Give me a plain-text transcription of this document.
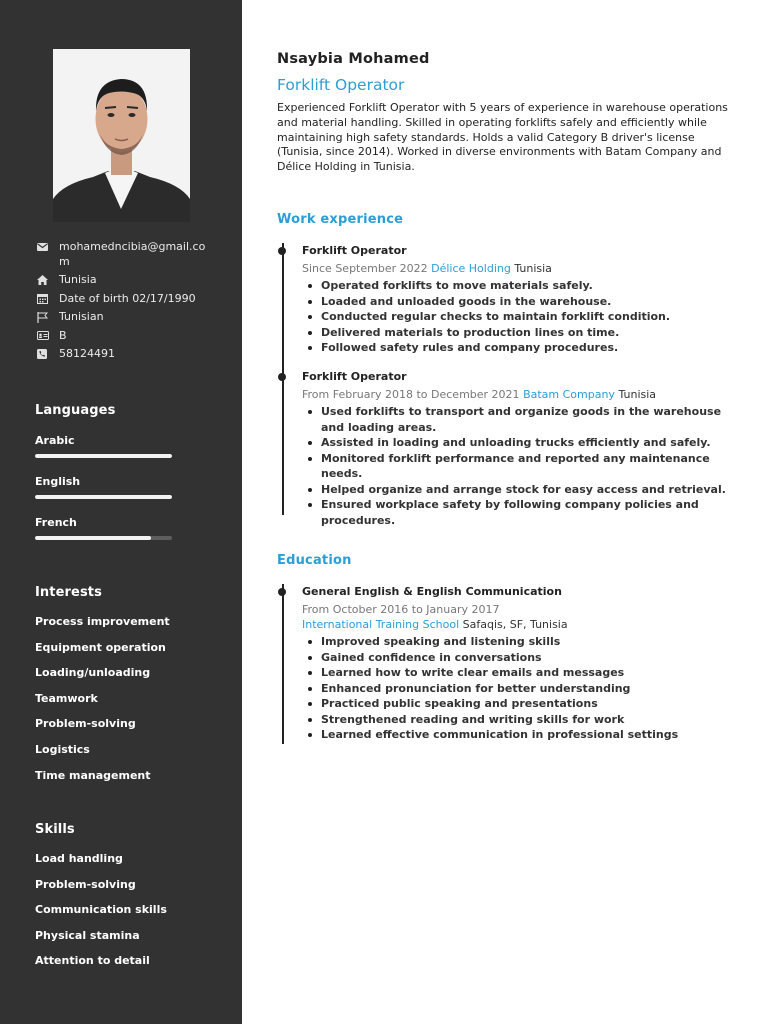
mohamedncibia@gmail.com
Tunisia
Date of birth 02/17/1990
Tunisian
B
58124491
Languages
Arabic
English
French
Interests
Process improvement
Equipment operation
Loading/unloading
Teamwork
Problem-solving
Logistics
Time management
Skills
Load handling
Problem-solving
Communication skills
Physical stamina
Attention to detail
Nsaybia Mohamed
Forklift Operator
Experienced Forklift Operator with 5 years of experience in warehouse operations and material handling. Skilled in operating forklifts safely and efficiently while maintaining high safety standards. Holds a valid Category B driver's license (Tunisia, since 2014). Worked in diverse environments with Batam Company and Délice Holding in Tunisia.
Work experience
Forklift Operator
Since September 2022 Délice Holding Tunisia
Operated forklifts to move materials safely.
Loaded and unloaded goods in the warehouse.
Conducted regular checks to maintain forklift condition.
Delivered materials to production lines on time.
Followed safety rules and company procedures.
Forklift Operator
From February 2018 to December 2021 Batam Company Tunisia
Used forklifts to transport and organize goods in the warehouse and loading areas.
Assisted in loading and unloading trucks efficiently and safely.
Monitored forklift performance and reported any maintenance needs.
Helped organize and arrange stock for easy access and retrieval.
Ensured workplace safety by following company policies and procedures.
Education
General English & English Communication
From October 2016 to January 2017
International Training School Safaqis, SF, Tunisia
Improved speaking and listening skills
Gained confidence in conversations
Learned how to write clear emails and messages
Enhanced pronunciation for better understanding
Practiced public speaking and presentations
Strengthened reading and writing skills for work
Learned effective communication in professional settings
